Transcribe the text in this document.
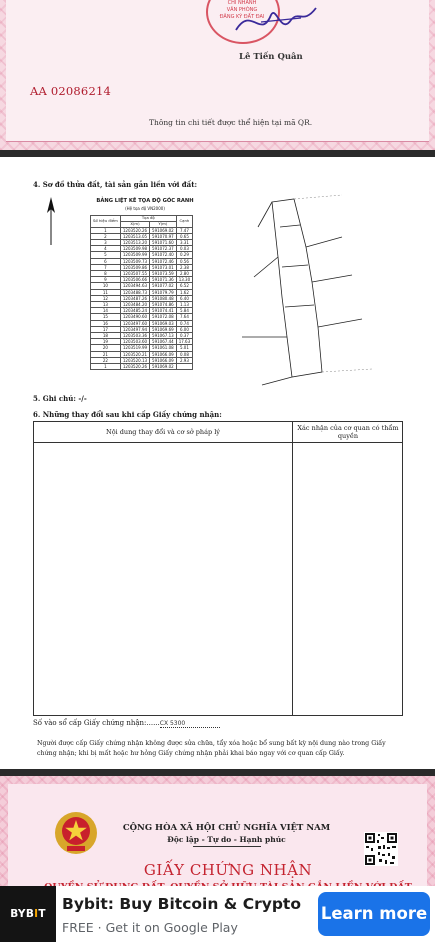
CHI NHÁNH
VĂN PHÒNG
ĐĂNG KÝ ĐẤT ĐAI
Lê Tiến Quân
AA 02086214
Thông tin chi tiết được thể hiện tại mã QR.
4. Sơ đồ thửa đất, tài sản gắn liền với đất:
BẢNG LIỆT KÊ TỌA ĐỘ GÓC RANH
(Hệ tọa độ VN2000)
Số hiệu điểm	Tọa độ		Cạnh
	X(m)	Y(m)	
1	1203520.26	591069.02	7.47
2	1203513.05	591070.97	0.65
3	1203513.20	591071.60	3.31
4	1203509.98	591072.37	0.03
5	1203509.99	591072.40	0.29
6	1203509.73	591072.46	0.56
7	1203509.86	591073.01	2.38
8	1203507.55	591073.59	2.80
9	1203506.66	591071.36	13.30
10	1203494.63	591077.02	6.52
11	1203488.73	591079.79	1.62
12	1203487.26	591080.48	6.40
13	1203484.20	591074.86	1.13
14	1203485.24	591074.41	5.84
15	1203490.60	591072.08	7.64
16	1203497.60	591069.03	0.74
17	1203497.94	591069.69	6.00
18	1203503.36	591067.13	0.37
19	1203503.60	591067.44	17.63
20	1203519.99	591061.08	5.01
21	1203520.21	591066.09	0.08
22	1203520.13	591066.09	2.93
1	1203520.26	591069.02	
5. Ghi chú: -/-
6. Những thay đổi sau khi cấp Giấy chứng nhận:
Nội dung thay đổi và cơ sở pháp lý	Xác nhận của cơ quan có thẩm quyền
Số vào sổ cấp Giấy chứng nhận:......CX 5300
Người được cấp Giấy chứng nhận không được sửa chữa, tẩy xóa hoặc bổ sung bất kỳ nội dung nào trong Giấy chứng nhận; khi bị mất hoặc hư hỏng Giấy chứng nhận phải khai báo ngay với cơ quan cấp Giấy.
CỘNG HÒA XÃ HỘI CHỦ NGHĨA VIỆT NAM
Độc lập - Tự do - Hạnh phúc
GIẤY CHỨNG NHẬN
BYBIT
Bybit: Buy Bitcoin & Crypto
FREE · Get it on Google Play
Learn more
